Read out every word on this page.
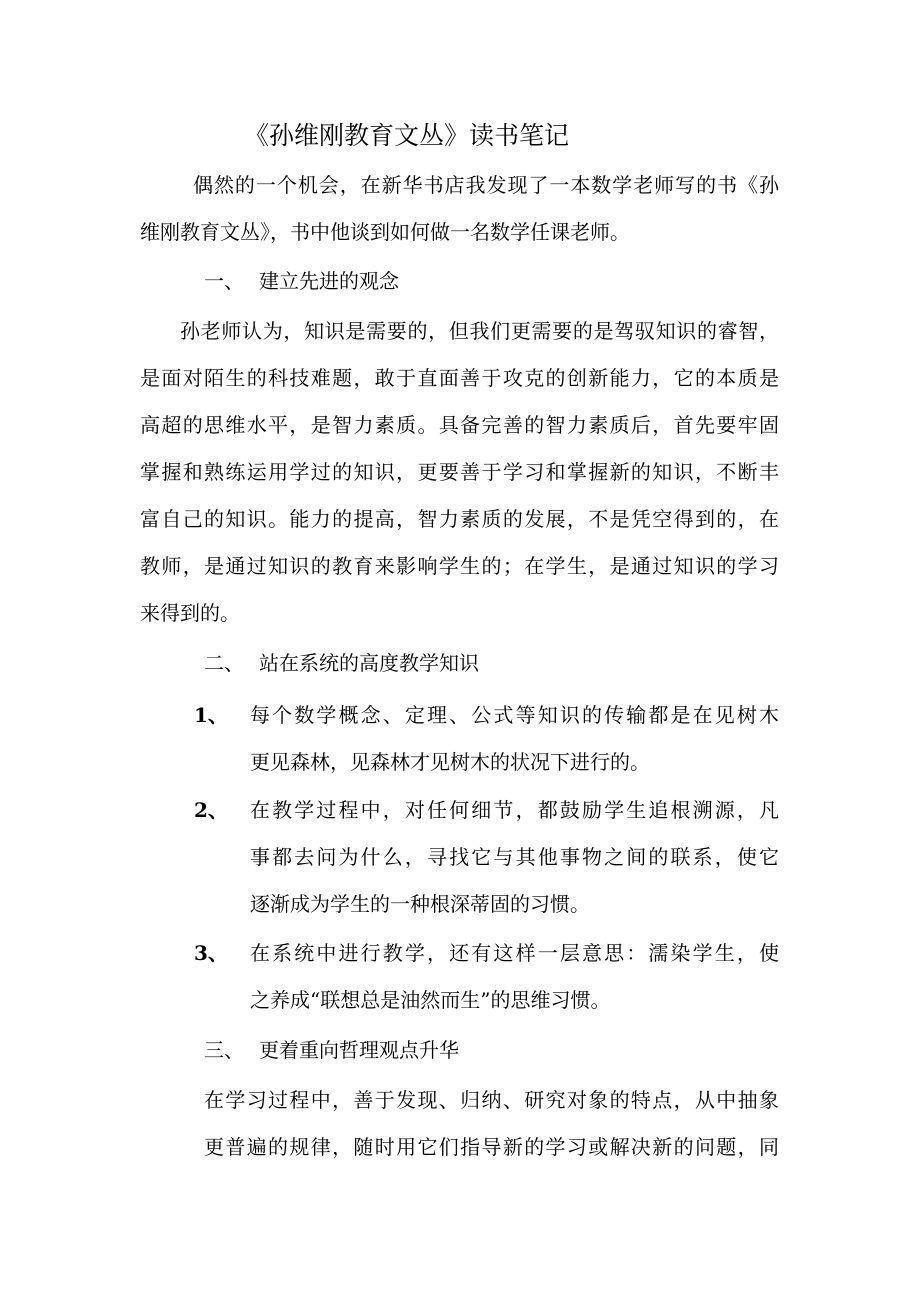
《孙维刚教育文丛》读书笔记

偶然的一个机会，在新华书店我发现了一本数学老师写的书《孙

维刚教育文丛》，书中他谈到如何做一名数学任课老师。

一、 建立先进的观念

孙老师认为，知识是需要的，但我们更需要的是驾驭知识的睿智，

是面对陌生的科技难题，敢于直面善于攻克的创新能力，它的本质是

高超的思维水平，是智力素质。具备完善的智力素质后，首先要牢固

掌握和熟练运用学过的知识，更要善于学习和掌握新的知识，不断丰

富自己的知识。能力的提高，智力素质的发展，不是凭空得到的，在

教师，是通过知识的教育来影响学生的；在学生，是通过知识的学习

来得到的。

二、 站在系统的高度教学知识
1、 每个数学概念、定理、公式等知识的传输都是在见树木

更见森林，见森林才见树木的状况下进行的。

2、 在教学过程中，对任何细节，都鼓励学生追根溯源，凡

事都去问为什么，寻找它与其他事物之间的联系，使它

逐渐成为学生的一种根深蒂固的习惯。

3、 在系统中进行教学，还有这样一层意思：濡染学生，使

之养成“联想总是油然而生”的思维习惯。

三、 更着重向哲理观点升华

在学习过程中，善于发现、归纳、研究对象的特点，从中抽象

更普遍的规律，随时用它们指导新的学习或解决新的问题，同
